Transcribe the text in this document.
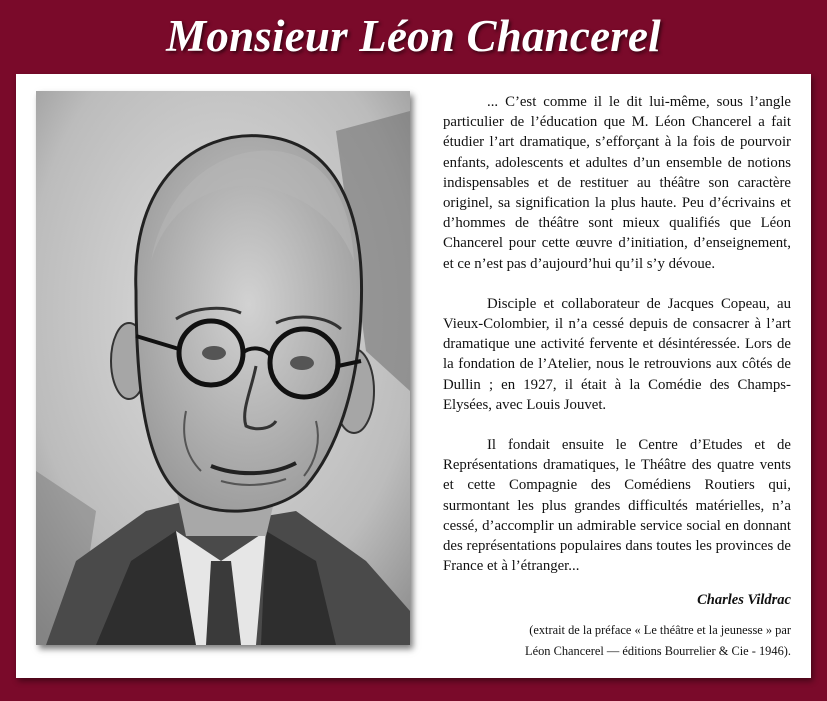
Monsieur Léon Chancerel

... C’est comme il le dit lui-même, sous l’angle particulier de l’éducation que M. Léon Chancerel a fait étudier l’art dramatique, s’efforçant à la fois de pourvoir enfants, adolescents et adultes d’un ensemble de notions indispensables et de restituer au théâtre son caractère originel, sa signification la plus haute. Peu d’écrivains et d’hommes de théâtre sont mieux qualifiés que Léon Chancerel pour cette œuvre d’initiation, d’enseignement, et ce n’est pas d’aujourd’hui qu’il s’y dévoue.

Disciple et collaborateur de Jacques Copeau, au Vieux-Colombier, il n’a cessé depuis de consacrer à l’art dramatique une activité fervente et désintéressée. Lors de la fondation de l’Atelier, nous le retrouvions aux côtés de Dullin ; en 1927, il était à la Comédie des Champs-Elysées, avec Louis Jouvet.

Il fondait ensuite le Centre d’Etudes et de Représentations dramatiques, le Théâtre des quatre vents et cette Compagnie des Comédiens Routiers qui, surmontant les plus grandes difficultés matérielles, n’a cessé, d’accomplir un admirable service social en donnant des représentations populaires dans toutes les provinces de France et à l’étranger...

Charles Vildrac
(extrait de la préface « Le théâtre et la jeunesse » par
Léon Chancerel — éditions Bourrelier & Cie - 1946).
